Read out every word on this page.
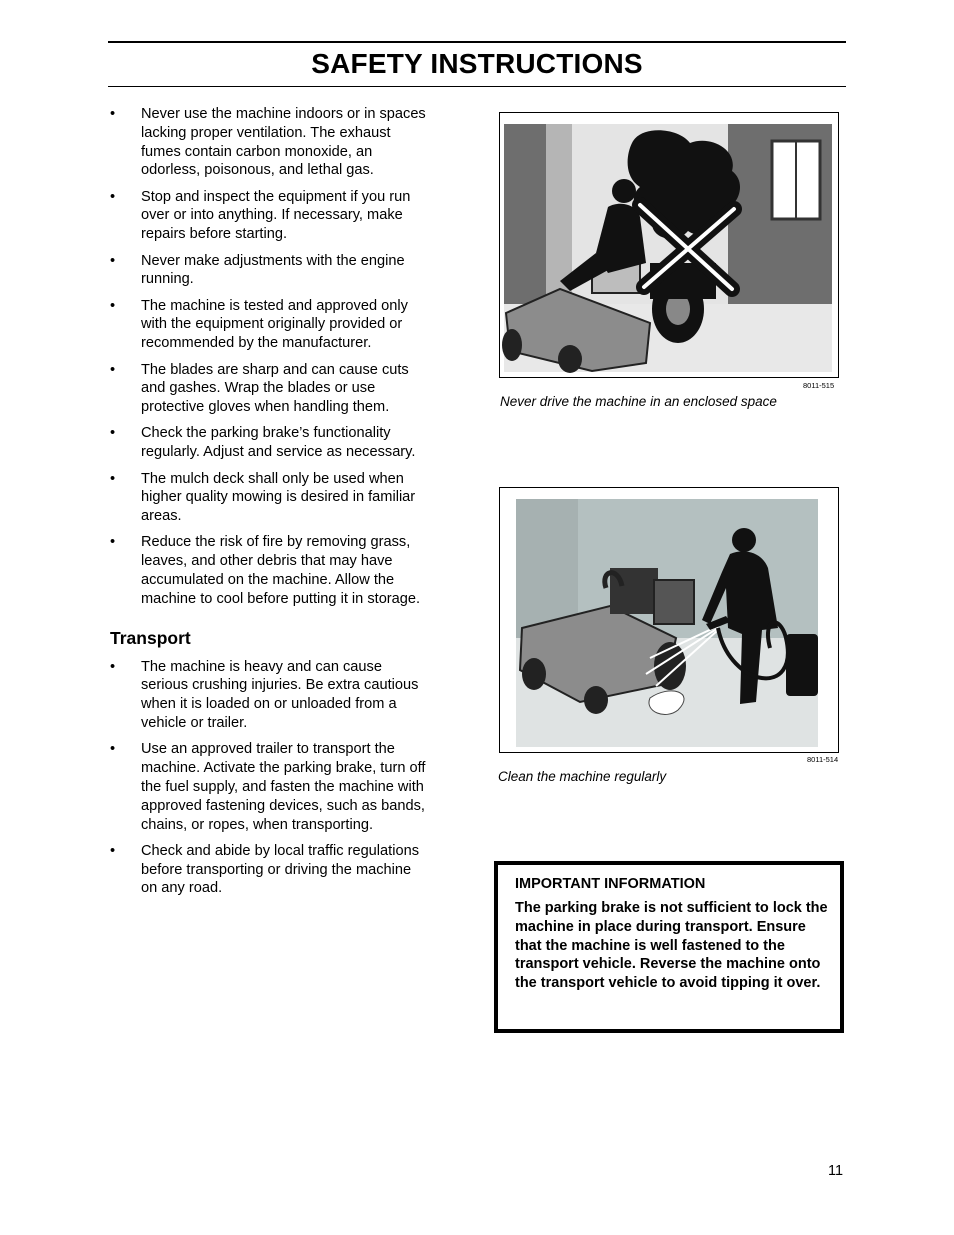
SAFETY INSTRUCTIONS
• Never use the machine indoors or in spaces lacking proper ventilation. The exhaust fumes contain carbon monoxide, an odorless, poisonous, and lethal gas.
• Stop and inspect the equipment if you run over or into anything. If necessary, make repairs before starting.
• Never make adjustments with the engine running.
• The machine is tested and approved only with the equipment originally provided or recommended by the manufacturer.
• The blades are sharp and can cause cuts and gashes. Wrap the blades or use protective gloves when handling them.
• Check the parking brake’s functionality regularly. Adjust and service as necessary.
• The mulch deck shall only be used when higher quality mowing is desired in familiar areas.
• Reduce the risk of fire by removing grass, leaves, and other debris that may have accumulated on the machine. Allow the machine to cool before putting it in storage.
Transport
• The machine is heavy and can cause serious crushing injuries. Be extra cautious when it is loaded on or unloaded from a vehicle or trailer.
• Use an approved trailer to transport the machine. Activate the parking brake, turn off the fuel supply, and fasten the machine with approved fastening devices, such as bands, chains, or ropes, when transporting.
• Check and abide by local traffic regulations before transporting or driving the machine on any road.
8011-515
Never drive the machine in an enclosed space
8011-514
Clean the machine regularly
IMPORTANT INFORMATION
The parking brake is not sufficient to lock the machine in place during transport. Ensure that the machine is well fastened to the transport vehicle. Reverse the machine onto the transport vehicle to avoid tipping it over.
11
